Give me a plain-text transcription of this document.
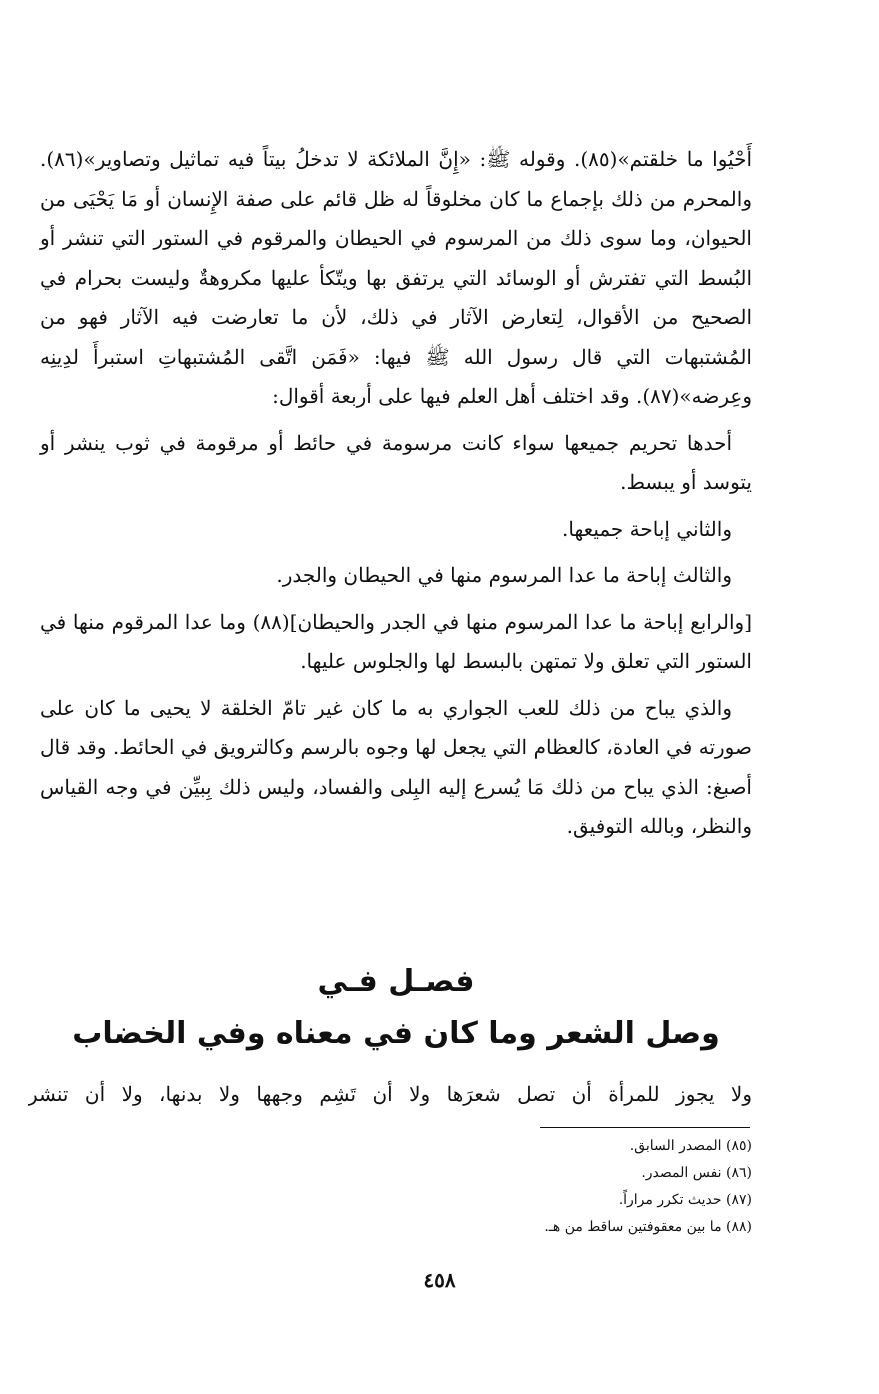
أَحْيُوا ما خلقتم»(٨٥). وقوله ﷺ: «إِنَّ الملائكة لا تدخلُ بيتاً فيه تماثيل وتصاوير»(٨٦). والمحرم من ذلك بإجماع ما كان مخلوقاً له ظل قائم على صفة الإِنسان أو مَا يَحْيَى من الحيوان، وما سوى ذلك من المرسوم في الحيطان والمرقوم في الستور التي تنشر أو البُسط التي تفترش أو الوسائد التي يرتفق بها ويتّكأ عليها مكروهةٌ وليست بحرام في الصحيح من الأقوال، لِتعارض الآثار في ذلك، لأن ما تعارضت فيه الآثار فهو من المُشتبهات التي قال رسول الله ﷺ فيها: «فَمَن اتَّقى المُشتبهاتِ استبرأَ لدِينِه وعِرضه»(٨٧). وقد اختلف أهل العلم فيها على أربعة أقوال:

أحدها تحريم جميعها سواء كانت مرسومة في حائط أو مرقومة في ثوب ينشر أو يتوسد أو يبسط.

والثاني إباحة جميعها.

والثالث إباحة ما عدا المرسوم منها في الحيطان والجدر.

[والرابع إباحة ما عدا المرسوم منها في الجدر والحيطان](٨٨) وما عدا المرقوم منها في الستور التي تعلق ولا تمتهن بالبسط لها والجلوس عليها.

والذي يباح من ذلك للعب الجواري به ما كان غير تامّ الخلقة لا يحيى ما كان على صورته في العادة، كالعظام التي يجعل لها وجوه بالرسم وكالترويق في الحائط. وقد قال أصبغ: الذي يباح من ذلك مَا يُسرع إليه البِلى والفساد، وليس ذلك بِبيِّن في وجه القياس والنظر، وبالله التوفيق.

فصـل فـي
وصل الشعر وما كان في معناه وفي الخضاب
ولا يجوز للمرأة أن تصل شعرَها ولا أن تَشِم وجهها ولا بدنها، ولا أن تنشر
(٨٥) المصدر السابق.
(٨٦) نفس المصدر.
(٨٧) حديث تكرر مراراً.
(٨٨) ما بين معقوفتين ساقط من هـ.
٤٥٨
